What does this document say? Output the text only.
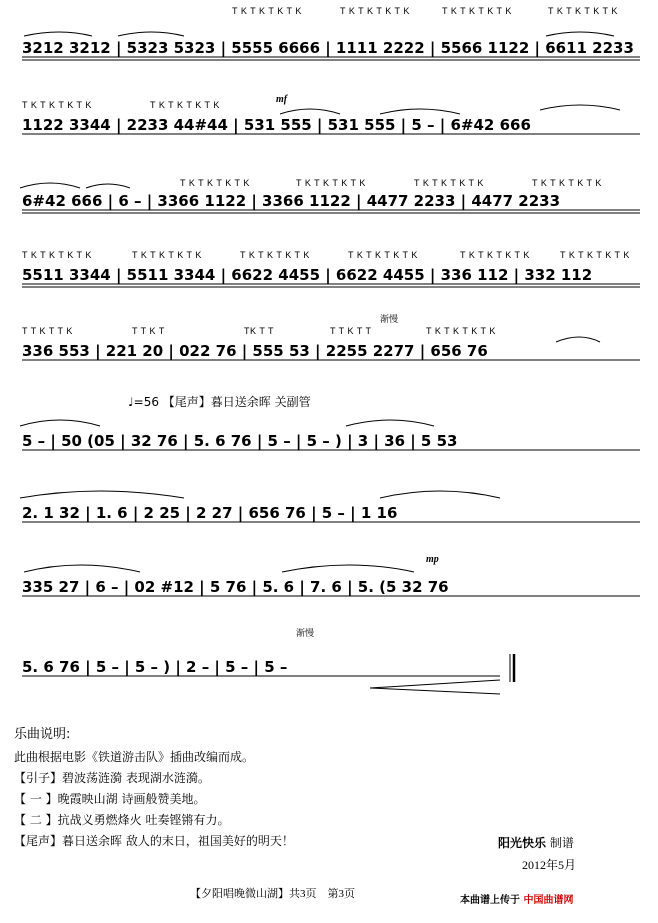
T K T K T K T K	T K T K T K T K	T K T K T K T K	T K T K T K T K
3212 3212 | 5323 5323 | 5555 6666 | 1111 2222 | 5566 1122 | 6611 2233
T K T K T K T K	T K T K T K T K	mf
1122 3344 | 2233 44#44 | 531 555 | 531 555 | 5 – | 6#42 666
T K T K T K T K	T K T K T K T K	T K T K T K T K	T K T K T K T K
6#42 666 | 6 – | 3366 1122 | 3366 1122 | 4477 2233 | 4477 2233
T K T K T K T K	T K T K T K T K	T K T K T K T K	T K T K T K T K	T K T K T K T K	T K T K T K T K
5511 3344 | 5511 3344 | 6622 4455 | 6622 4455 | 336 112 | 332 112
渐慢
T T K T T K	T T K T	TK T T	T T K T T	T K T K T K T K
336 553 | 221 20 | 022 76 | 555 53 | 2255 2277 | 656 76
♩=56 【尾声】暮日送余晖 关副管
5 – | 50 (05 | 32 76 | 5. 6 76 | 5 – | 5 – ) | 3 | 36 | 5 53
2. 1 32 | 1. 6 | 2 25 | 2 27 | 656 76 | 5 – | 1 16
mp
335 27 | 6 – | 02 #12 | 5 76 | 5. 6 | 7. 6 | 5. (5 32 76
渐慢
5. 6 76 | 5 – | 5 – ) | 2 – | 5 – | 5 –
乐曲说明:
此曲根据电影《铁道游击队》插曲改编而成。
【引子】碧波荡涟漪 表现湖水涟漪。
【 一 】晚霞映山湖 诗画般赞美地。
【 二 】抗战义勇燃烽火 吐奏铿锵有力。
【尾声】暮日送余晖 敌人的末日，祖国美好的明天！	阳光快乐 制谱
2012年5月
【夕阳唱晚微山湖】共3页　第3页
本曲谱上传于 中国曲谱网
